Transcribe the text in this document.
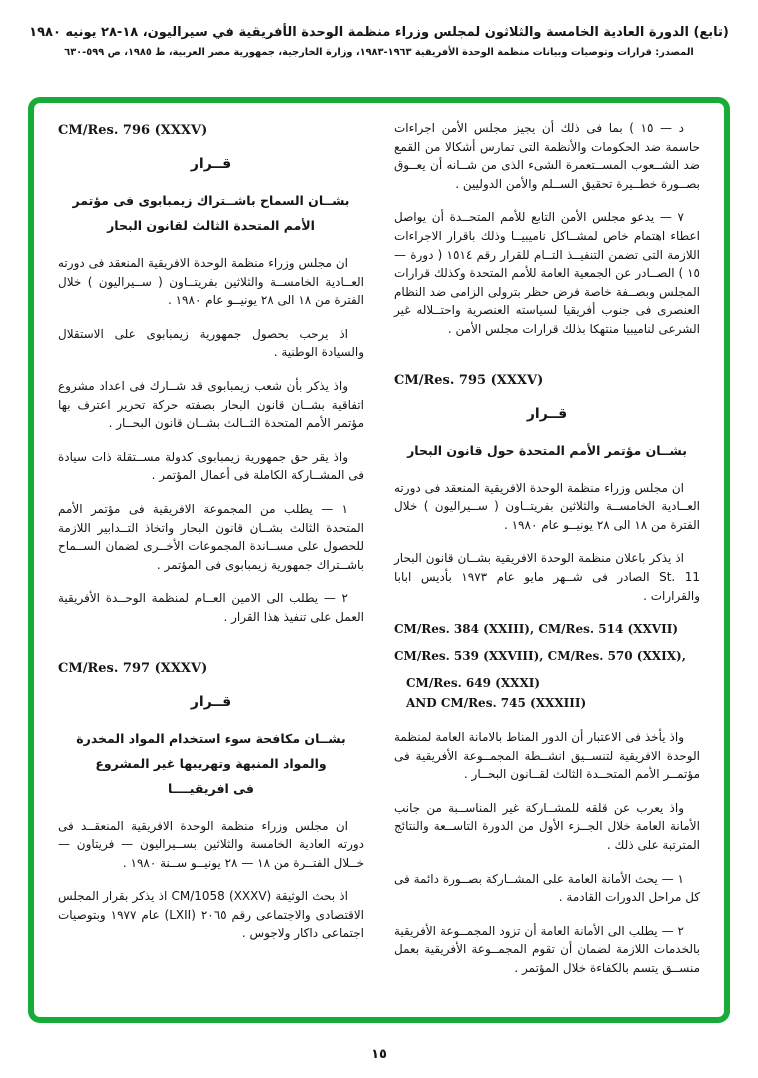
(تابع) الدورة العادية الخامسة والثلاثون لمجلس وزراء منظمة الوحدة الأفريقية في سيراليون، ١٨-٢٨ يونيه ١٩٨٠
المصدر: قرارات وتوصيات وبيانات منظمة الوحدة الأفريقية ١٩٦٣-١٩٨٣، وزارة الخارجية، جمهورية مصر العربية، ط ١٩٨٥، ص ٥٩٩-٦٣٠

د — ١٥ ) بما فى ذلك أن يجيز مجلس الأمن اجراءات حاسمة ضد الحكومات والأنظمة التى تمارس أشكالا من القمع ضد الشــعوب المســتعمرة الشىء الذى من شــانه أن يعــوق بصــورة خطــيرة تحقيق الســلم والأمن الدوليين .

٧ — يدعو مجلس الأمن التابع للأمم المتحــدة أن يواصل اعطاء اهتمام خاص لمشــاكل ناميبيــا وذلك باقرار الاجراءات اللازمة التى تضمن التنفيــذ التــام للقرار رقم ١٥١٤ ( دورة — ١٥ ) الصــادر عن الجمعية العامة للأمم المتحدة وكذلك قرارات المجلس وبصــفة خاصة فرض حظر بترولى الزامى ضد النظام العنصرى فى جنوب أفريقيا لسياسته العنصرية واحتــلاله غير الشرعى لناميبيا منتهكا بذلك قرارات مجلس الأمن .

CM/Res. 795 (XXXV)
قــرار
بشــان مؤتمر الأمم المتحدة حول قانون البحار

ان مجلس وزراء منظمة الوحدة الافريقية المنعقد فى دورته العــادية الخامســة والثلاثين بفريتــاون ( ســيراليون ) خلال الفترة من ١٨ الى ٢٨ يونيــو عام ١٩٨٠ .

اذ يذكر باعلان منظمة الوحدة الافريقية بشــان قانون البحار St. 11 الصادر فى شــهر مايو عام ١٩٧٣ بأديس ابابا والقرارات .

CM/Res. 384 (XXIII), CM/Res. 514 (XXVII)
CM/Res. 539 (XXVIII), CM/Res. 570 (XXIX),
CM/Res. 649 (XXXI)
AND CM/Res. 745 (XXXIII)

واذ يأخذ فى الاعتبار أن الدور المناط بالامانة العامة لمنظمة الوحدة الافريقية لتنســيق انشــطة المجمــوعة الأفريقية فى مؤتمــر الأمم المتحــدة الثالث لقــانون البحــار .

واذ يعرب عن قلقه للمشــاركة غير المناســبة من جانب الأمانة العامة خلال الجــزء الأول من الدورة التاســعة والنتائج المترتبة على ذلك .

١ — يحث الأمانة العامة على المشــاركة بصــورة دائمة فى كل مراحل الدورات القادمة .

٢ — يطلب الى الأمانة العامة أن تزود المجمــوعة الأفريقية بالخدمات اللازمة لضمان أن تقوم المجمــوعة الأفريقية بعمل منســق يتسم بالكفاءة خلال المؤتمر .

CM/Res. 796 (XXXV)
قــرار
بشــان السماح باشــتراك زيمبابوى فى مؤتمر
الأمم المتحدة الثالث لقانون البحار

ان مجلس وزراء منظمة الوحدة الافريقية المنعقد فى دورته العــادية الخامســة والثلاثين بفريتــاون ( ســيراليون ) خلال الفترة من ١٨ الى ٢٨ يونيــو عام ١٩٨٠ .

اذ يرحب بحصول جمهورية زيمبابوى على الاستقلال والسيادة الوطنية .

واذ يذكر بأن شعب زيمبابوى قد شــارك فى اعداد مشروع اتفاقية بشــان قانون البحار بصفته حركة تحرير اعترف بها مؤتمر الأمم المتحدة الثــالث بشــان قانون البحــار .

واذ يقر حق جمهورية زيمبابوى كدولة مســتقلة ذات سيادة فى المشــاركة الكاملة فى أعمال المؤتمر .

١ — يطلب من المجموعة الافريقية فى مؤتمر الأمم المتحدة الثالث بشــان قانون البحار واتخاذ التــدابير اللازمة للحصول على مســاندة المجموعات الأخــرى لضمان الســماح باشــتراك جمهورية زيمبابوى فى المؤتمر .

٢ — يطلب الى الامين العــام لمنظمة الوحــدة الأفريقية العمل على تنفيذ هذا القرار .

CM/Res. 797 (XXXV)
قــرار
بشــان مكافحة سوء استخدام المواد المخدرة
والمواد المنبهة وتهريبها غير المشروع
فى افريقيــــا

ان مجلس وزراء منظمة الوحدة الافريقية المنعقــد فى دورته العادية الخامسة والثلاثين بســيراليون — فريتاون — خــلال الفتــرة من ١٨ — ٢٨ يونيــو ســنة ١٩٨٠ .

اذ بحث الوثيقة CM/1058 (XXXV) اذ يذكر بقرار المجلس الاقتصادى والاجتماعى رقم ٢٠٦٥ (LXII) عام ١٩٧٧ وبتوصيات اجتماعى داكار ولاجوس .

١٥
